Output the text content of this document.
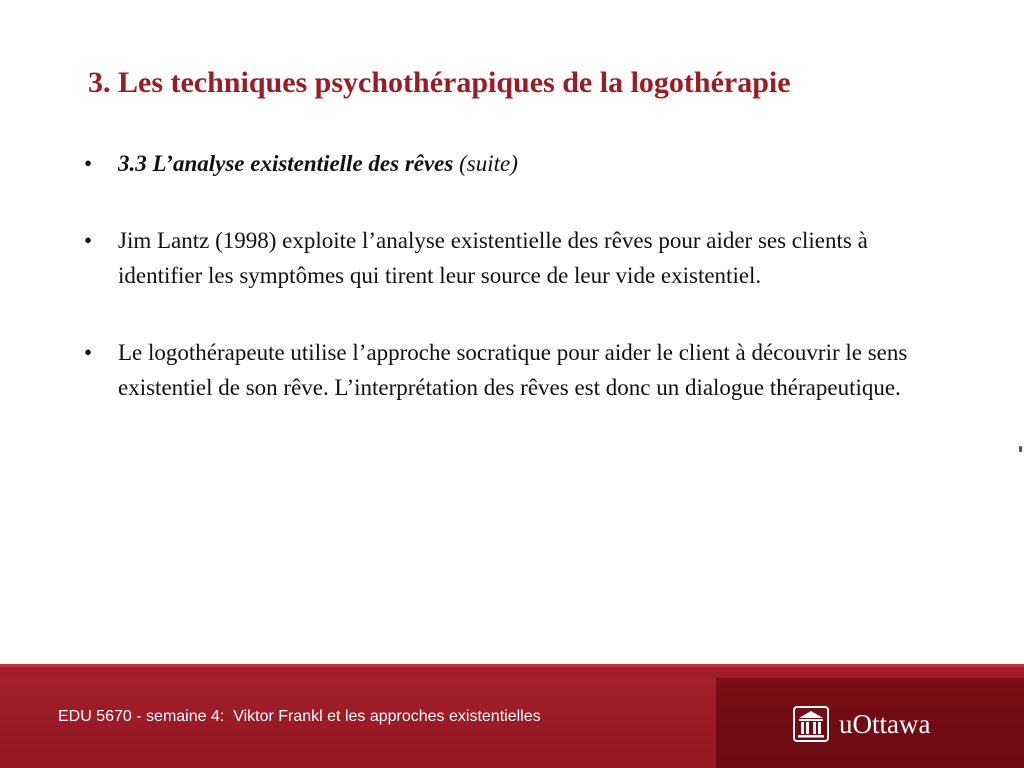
3. Les techniques psychothérapiques de la logothérapie
• 3.3 L’analyse existentielle des rêves (suite)
• Jim Lantz (1998) exploite l’analyse existentielle des rêves pour aider ses clients à identifier les symptômes qui tirent leur source de leur vide existentiel.
• Le logothérapeute utilise l’approche socratique pour aider le client à découvrir le sens existentiel de son rêve. L’interprétation des rêves est donc un dialogue thérapeutique.
EDU 5670 - semaine 4:  Viktor Frankl et les approches existentielles	uOttawa
